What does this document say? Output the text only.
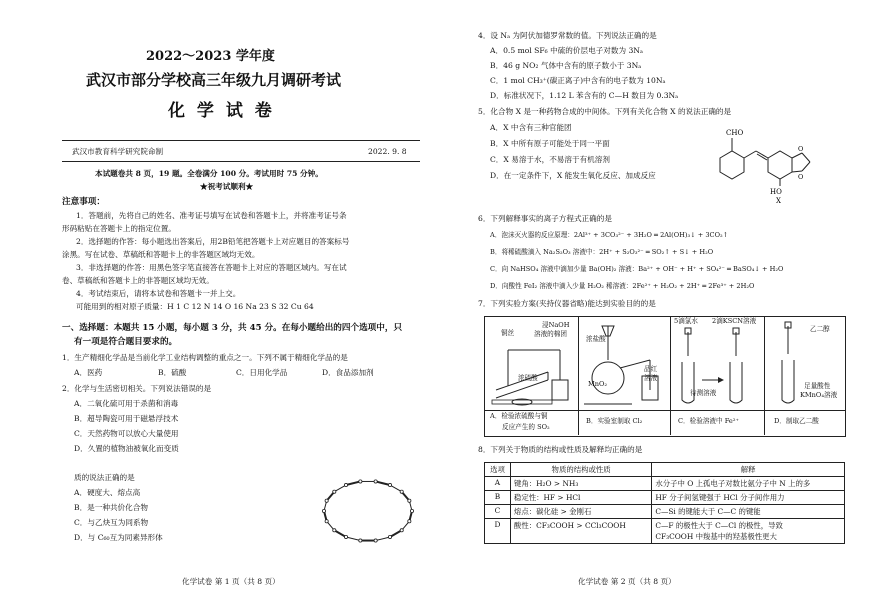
2022～2023 学年度
武汉市部分学校高三年级九月调研考试
化 学 试 卷
武汉市教育科学研究院命制	2022. 9. 8
本试题卷共 8 页，19 题。全卷满分 100 分。考试用时 75 分钟。
★祝考试顺利★
注意事项：
1．答题前，先将自己的姓名、准考证号填写在试卷和答题卡上，并将准考证号条
形码粘贴在答题卡上的指定位置。
2．选择题的作答：每小题选出答案后，用2B铅笔把答题卡上对应题目的答案标号
涂黑。写在试卷、草稿纸和答题卡上的非答题区域均无效。
3．非选择题的作答：用黑色签字笔直接答在答题卡上对应的答题区域内。写在试
卷、草稿纸和答题卡上的非答题区域均无效。
4．考试结束后，请将本试卷和答题卡一并上交。
可能用到的相对原子质量：H 1 C 12 N 14 O 16 Na 23 S 32 Cu 64
一、选择题：本题共 15 小题，每小题 3 分，共 45 分。在每小题给出的四个选项中，只
有一项是符合题目要求的。
1．生产精细化学品是当前化学工业结构调整的重点之一。下列不属于精细化学品的是
A．医药	B．硫酸	C．日用化学品	D．食品添加剂
2．化学与生活密切相关。下列说法错误的是
A．二氧化硫可用于杀菌和消毒
B．超导陶瓷可用于磁悬浮技术
C．天然药物可以放心大量使用
D．久置的植物油被氧化而变质
质的说法正确的是
A．硬度大、熔点高
B．是一种共价化合物
C．与乙炔互为同系物
D．与 C₆₀互为同素异形体
化学试卷 第 1 页（共 8 页）
4．设 Nₐ 为阿伏加德罗常数的值。下列说法正确的是
A．0.5 mol SF₆ 中硫的价层电子对数为 3Nₐ
B．46 g NO₂ 气体中含有的原子数小于 3Nₐ
C．1 mol CH₃⁺(碳正离子)中含有的电子数为 10Nₐ
D．标准状况下，1.12 L 苯含有的 C—H 数目为 0.3Nₐ
5．化合物 X 是一种药物合成的中间体。下列有关化合物 X 的说法正确的是
A．X 中含有三种官能团
B．X 中所有原子可能处于同一平面
C．X 易溶于水，不易溶于有机溶剂
D．在一定条件下，X 能发生氧化反应、加成反应
CHO
HO
X
O
O
6．下列解释事实的离子方程式正确的是
A．泡沫灭火器的反应原理：2Al³⁺ + 3CO₃²⁻ + 3H₂O ═ 2Al(OH)₃↓ + 3CO₂↑
B．将稀硫酸滴入 Na₂S₂O₃ 溶液中：2H⁺ + S₂O₃²⁻ ═ SO₂↑ + S↓ + H₂O
C．向 NaHSO₄ 溶液中滴加少量 Ba(OH)₂ 溶液：Ba²⁺ + OH⁻ + H⁺ + SO₄²⁻ ═ BaSO₄↓ + H₂O
D．向酸性 FeI₂ 溶液中滴入少量 H₂O₂ 稀溶液：2Fe²⁺ + H₂O₂ + 2H⁺ ═ 2Fe³⁺ + 2H₂O
7．下列实验方案(夹持仪器省略)能达到实验目的的是
铜丝
浸NaOH
溶液的棉团
浓硫酸
浓盐酸
MnO₂
品红
溶液
5滴氯水 2滴KSCN溶液
待测溶液
乙二醇
足量酸性
KMnO₄溶液
A．检验浓硫酸与铜
反应产生的 SO₂
B．实验室制取 Cl₂	C．检验溶液中 Fe²⁺	D．制取乙二酸
8．下列关于物质的结构或性质及解释均正确的是
选项	物质的结构或性质	解释
A	键角：H₂O > NH₃	水分子中 O 上孤电子对数比氨分子中 N 上的多
B	稳定性：HF > HCl	HF 分子间氢键强于 HCl 分子间作用力
C	熔点：碳化硅 > 金刚石	C—Si 的键能大于 C—C 的键能
D	酸性：CF₃COOH > CCl₃COOH	C—F 的极性大于 C—Cl 的极性，导致
CF₃COOH 中羧基中的羟基极性更大
化学试卷 第 2 页（共 8 页）
